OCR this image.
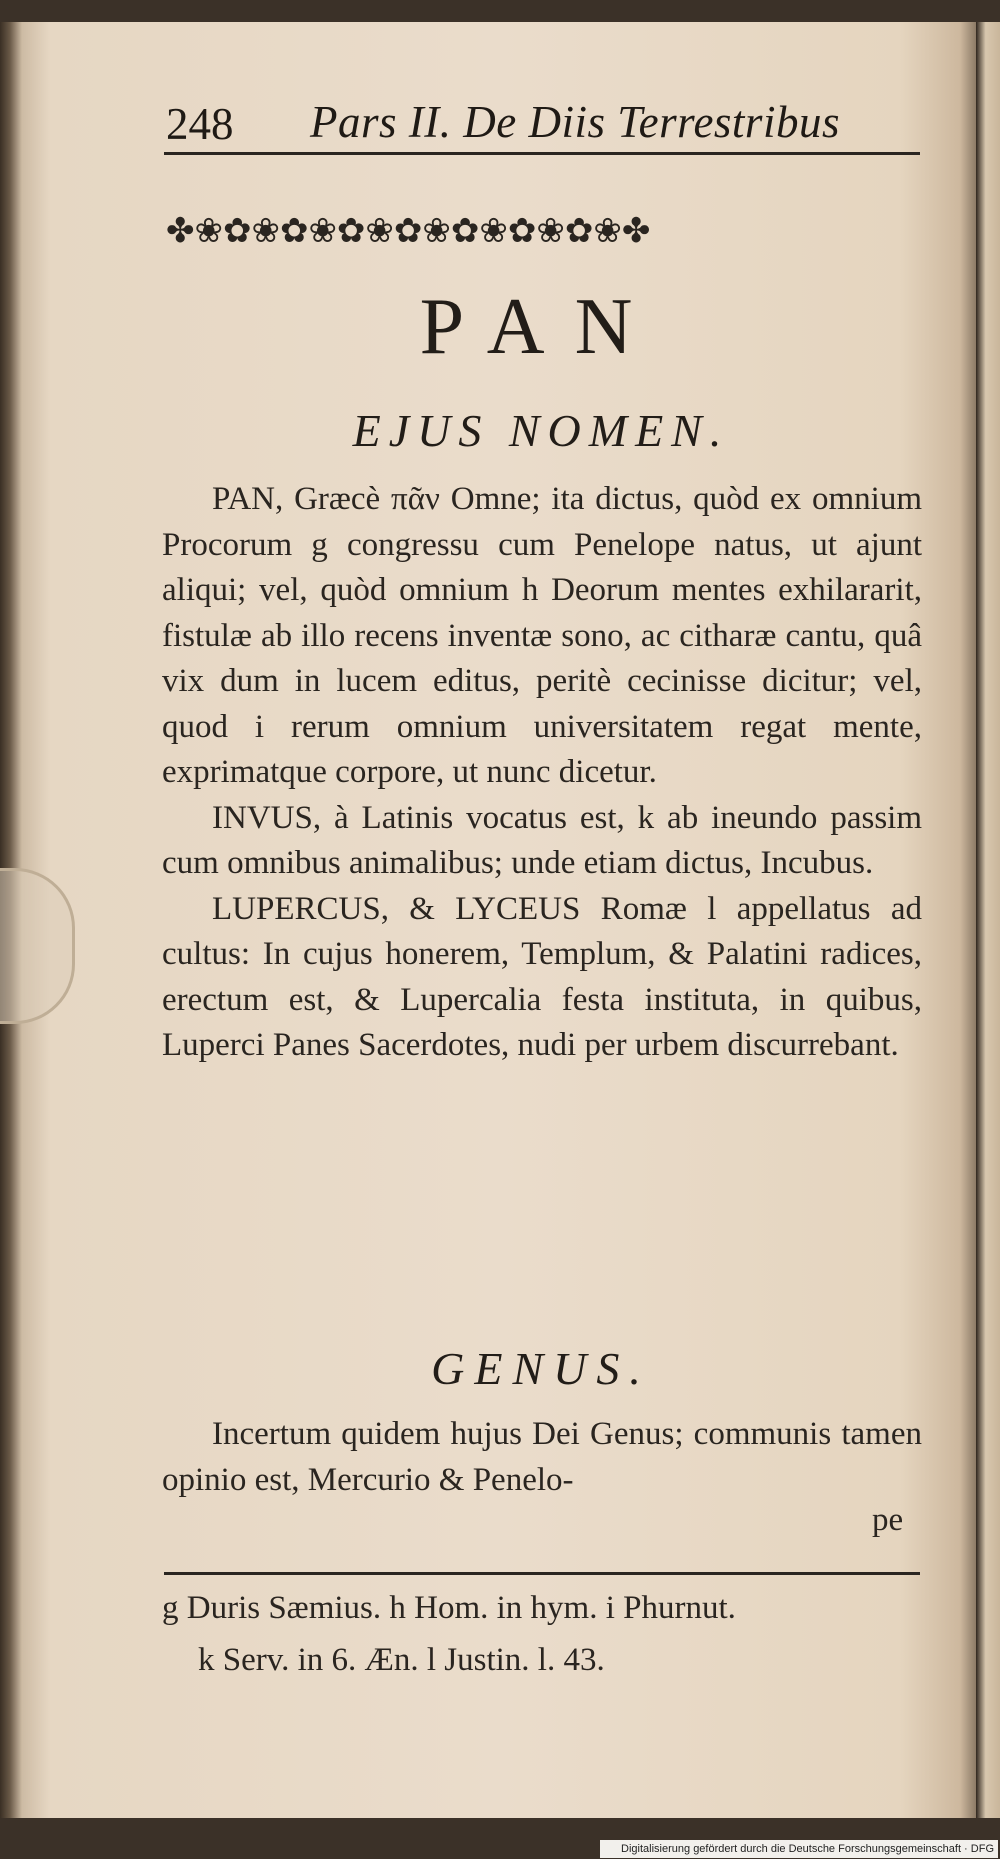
248 Pars II. De Diis Terrestribus
✤❀✿❀✿❀✿❀✿❀✿❀✿❀✿❀✤
PAN
EJUS NOMEN.

PAN, Græcè πᾶν Omne; ita dictus, quòd ex omnium Procorum g congressu cum Penelope natus, ut ajunt aliqui; vel, quòd omnium h Deorum mentes exhilararit, fistulæ ab illo recens inventæ sono, ac citharæ cantu, quâ vix dum in lucem editus, peritè cecinisse dicitur; vel, quod i rerum omnium universitatem regat mente, exprimatque corpore, ut nunc dicetur.

INVUS, à Latinis vocatus est, k ab ineundo passim cum omnibus animalibus; unde etiam dictus, Incubus.

LUPERCUS, & LYCEUS Romæ l appellatus ad cultus: In cujus honerem, Templum, & Palatini radices, erectum est, & Lupercalia festa instituta, in quibus, Luperci Panes Sacerdotes, nudi per urbem discurrebant.

GENUS.

Incertum quidem hujus Dei Genus; communis tamen opinio est, Mercurio & Penelo-

pe
g Duris Sæmius. h Hom. in hym. i Phurnut.
k Serv. in 6. Æn. l Justin. l. 43.
Digitalisierung gefördert durch die Deutsche Forschungsgemeinschaft · DFG
